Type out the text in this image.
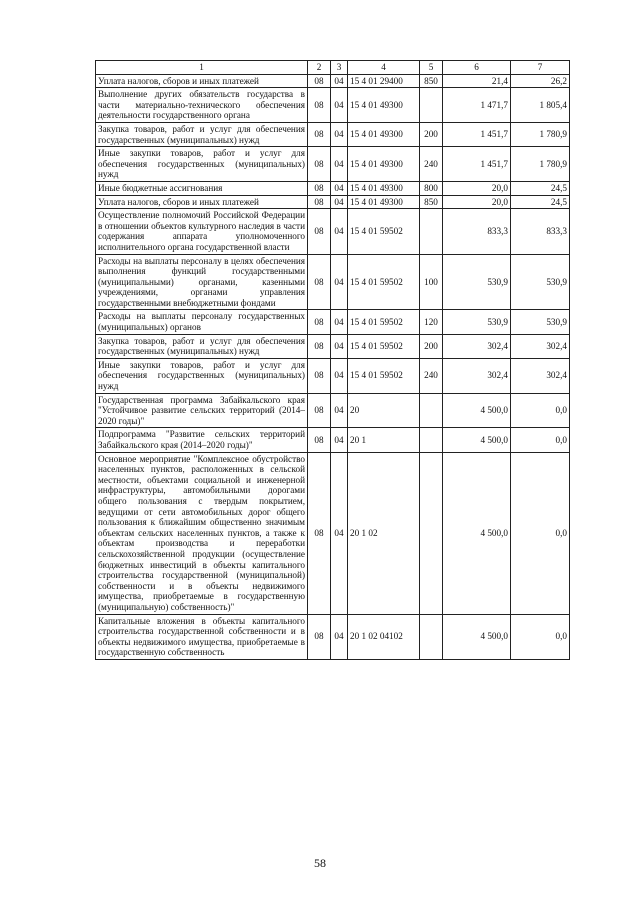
1	2	3	4	5	6	7
Уплата налогов, сборов и иных платежей	08	04	15 4 01 29400	850	21,4	26,2
Выполнение других обязательств государства в части материально-технического обеспечения деятельности государственного органа	08	04	15 4 01 49300		1 471,7	1 805,4
Закупка товаров, работ и услуг для обеспечения государственных (муниципальных) нужд	08	04	15 4 01 49300	200	1 451,7	1 780,9
Иные закупки товаров, работ и услуг для обеспечения государственных (муниципальных) нужд	08	04	15 4 01 49300	240	1 451,7	1 780,9
Иные бюджетные ассигнования	08	04	15 4 01 49300	800	20,0	24,5
Уплата налогов, сборов и иных платежей	08	04	15 4 01 49300	850	20,0	24,5
Осуществление полномочий Российской Федерации в отношении объектов культурного наследия в части содержания аппарата уполномоченного исполнительного органа государственной власти	08	04	15 4 01 59502		833,3	833,3
Расходы на выплаты персоналу в целях обеспечения выполнения функций государственными (муниципальными) органами, казенными учреждениями, органами управления государственными внебюджетными фондами	08	04	15 4 01 59502	100	530,9	530,9
Расходы на выплаты персоналу государственных (муниципальных) органов	08	04	15 4 01 59502	120	530,9	530,9
Закупка товаров, работ и услуг для обеспечения государственных (муниципальных) нужд	08	04	15 4 01 59502	200	302,4	302,4
Иные закупки товаров, работ и услуг для обеспечения государственных (муниципальных) нужд	08	04	15 4 01 59502	240	302,4	302,4
Государственная программа Забайкальского края "Устойчивое развитие сельских территорий (2014–2020 годы)"	08	04	20		4 500,0	0,0
Подпрограмма "Развитие сельских территорий Забайкальского края (2014–2020 годы)"	08	04	20 1		4 500,0	0,0
Основное мероприятие "Комплексное обустройство населенных пунктов, расположенных в сельской местности, объектами социальной и инженерной инфраструктуры, автомобильными дорогами общего пользования с твердым покрытием, ведущими от сети автомобильных дорог общего пользования к ближайшим общественно значимым объектам сельских населенных пунктов, а также к объектам производства и переработки сельскохозяйственной продукции (осуществление бюджетных инвестиций в объекты капитального строительства государственной (муниципальной) собственности и в объекты недвижимого имущества, приобретаемые в государственную (муниципальную) собственность)"	08	04	20 1 02		4 500,0	0,0
Капитальные вложения в объекты капитального строительства государственной собственности и в объекты недвижимого имущества, приобретаемые в государственную собственность	08	04	20 1 02 04102		4 500,0	0,0
58
